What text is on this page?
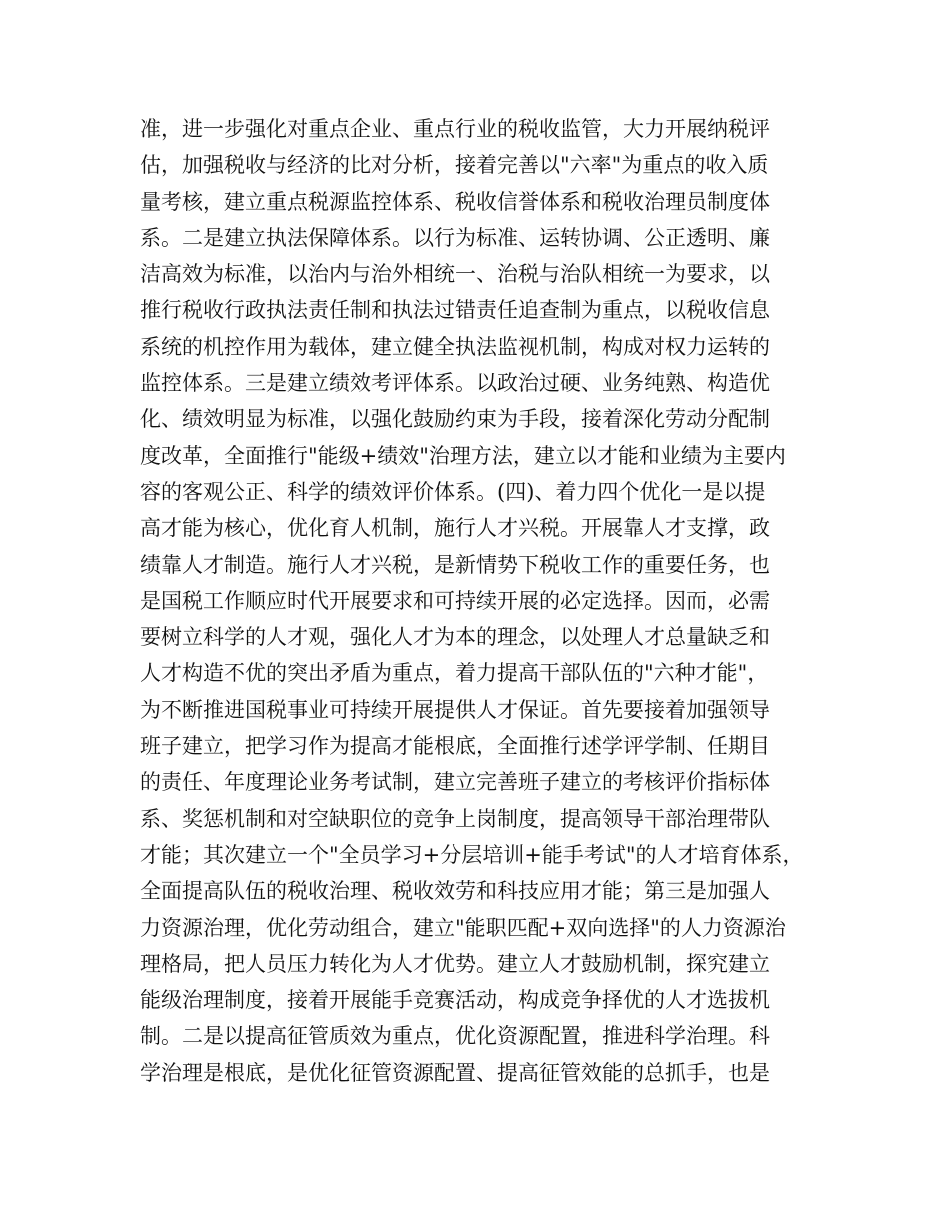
准，进一步强化对重点企业、重点行业的税收监管，大力开展纳税评
估，加强税收与经济的比对分析，接着完善以"六率"为重点的收入质
量考核，建立重点税源监控体系、税收信誉体系和税收治理员制度体
系。二是建立执法保障体系。以行为标准、运转协调、公正透明、廉
洁高效为标准，以治内与治外相统一、治税与治队相统一为要求，以
推行税收行政执法责任制和执法过错责任追查制为重点，以税收信息
系统的机控作用为载体，建立健全执法监视机制，构成对权力运转的
监控体系。三是建立绩效考评体系。以政治过硬、业务纯熟、构造优
化、绩效明显为标准，以强化鼓励约束为手段，接着深化劳动分配制
度改革，全面推行"能级+绩效"治理方法，建立以才能和业绩为主要内
容的客观公正、科学的绩效评价体系。(四)、着力四个优化一是以提
高才能为核心，优化育人机制，施行人才兴税。开展靠人才支撑，政
绩靠人才制造。施行人才兴税，是新情势下税收工作的重要任务，也
是国税工作顺应时代开展要求和可持续开展的必定选择。因而，必需
要树立科学的人才观，强化人才为本的理念，以处理人才总量缺乏和
人才构造不优的突出矛盾为重点，着力提高干部队伍的"六种才能"，
为不断推进国税事业可持续开展提供人才保证。首先要接着加强领导
班子建立，把学习作为提高才能根底，全面推行述学评学制、任期目
的责任、年度理论业务考试制，建立完善班子建立的考核评价指标体
系、奖惩机制和对空缺职位的竞争上岗制度，提高领导干部治理带队
才能；其次建立一个"全员学习+分层培训+能手考试"的人才培育体系，
全面提高队伍的税收治理、税收效劳和科技应用才能；第三是加强人
力资源治理，优化劳动组合，建立"能职匹配+双向选择"的人力资源治
理格局，把人员压力转化为人才优势。建立人才鼓励机制，探究建立
能级治理制度，接着开展能手竞赛活动，构成竞争择优的人才选拔机
制。二是以提高征管质效为重点，优化资源配置，推进科学治理。科
学治理是根底，是优化征管资源配置、提高征管效能的总抓手，也是
